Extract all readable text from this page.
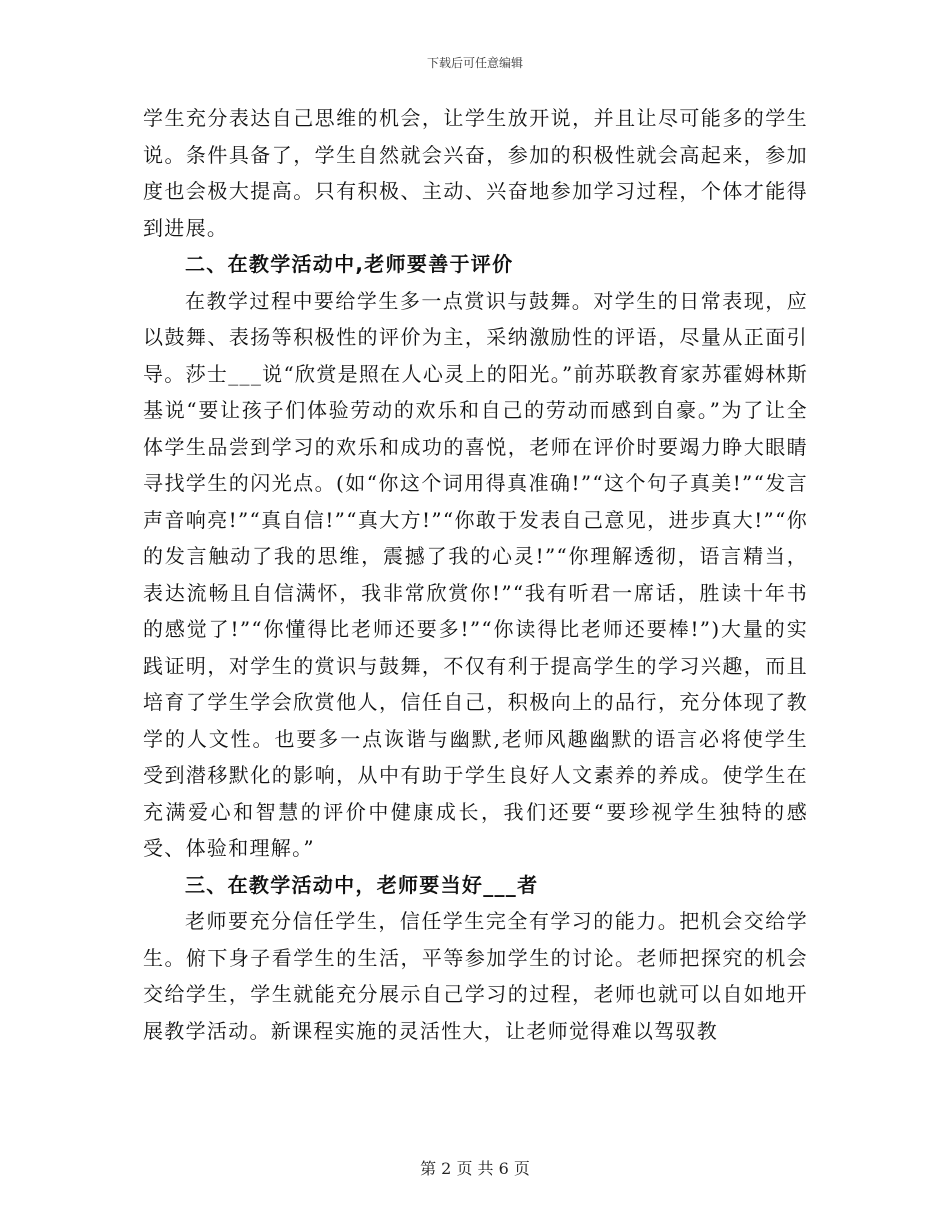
下载后可任意编辑

学生充分表达自己思维的机会，让学生放开说，并且让尽可能多的学生说。条件具备了，学生自然就会兴奋，参加的积极性就会高起来，参加度也会极大提高。只有积极、主动、兴奋地参加学习过程，个体才能得到进展。

二、在教学活动中,老师要善于评价

在教学过程中要给学生多一点赏识与鼓舞。对学生的日常表现，应以鼓舞、表扬等积极性的评价为主，采纳激励性的评语，尽量从正面引导。莎士___说“欣赏是照在人心灵上的阳光。”前苏联教育家苏霍姆林斯基说“要让孩子们体验劳动的欢乐和自己的劳动而感到自豪。”为了让全体学生品尝到学习的欢乐和成功的喜悦，老师在评价时要竭力睁大眼睛寻找学生的闪光点。(如“你这个词用得真准确!”“这个句子真美!”“发言声音响亮!”“真自信!”“真大方!”“你敢于发表自己意见，进步真大!”“你的发言触动了我的思维，震撼了我的心灵!”“你理解透彻，语言精当，表达流畅且自信满怀，我非常欣赏你!”“我有听君一席话，胜读十年书的感觉了!”“你懂得比老师还要多!”“你读得比老师还要棒!”)大量的实践证明，对学生的赏识与鼓舞，不仅有利于提高学生的学习兴趣，而且培育了学生学会欣赏他人，信任自己，积极向上的品行，充分体现了教学的人文性。也要多一点诙谐与幽默,老师风趣幽默的语言必将使学生受到潜移默化的影响，从中有助于学生良好人文素养的养成。使学生在充满爱心和智慧的评价中健康成长，我们还要“要珍视学生独特的感受、体验和理解。”

三、在教学活动中，老师要当好___者

老师要充分信任学生，信任学生完全有学习的能力。把机会交给学生。俯下身子看学生的生活，平等参加学生的讨论。老师把探究的机会交给学生，学生就能充分展示自己学习的过程，老师也就可以自如地开展教学活动。新课程实施的灵活性大，让老师觉得难以驾驭教

第 2 页 共 6 页
